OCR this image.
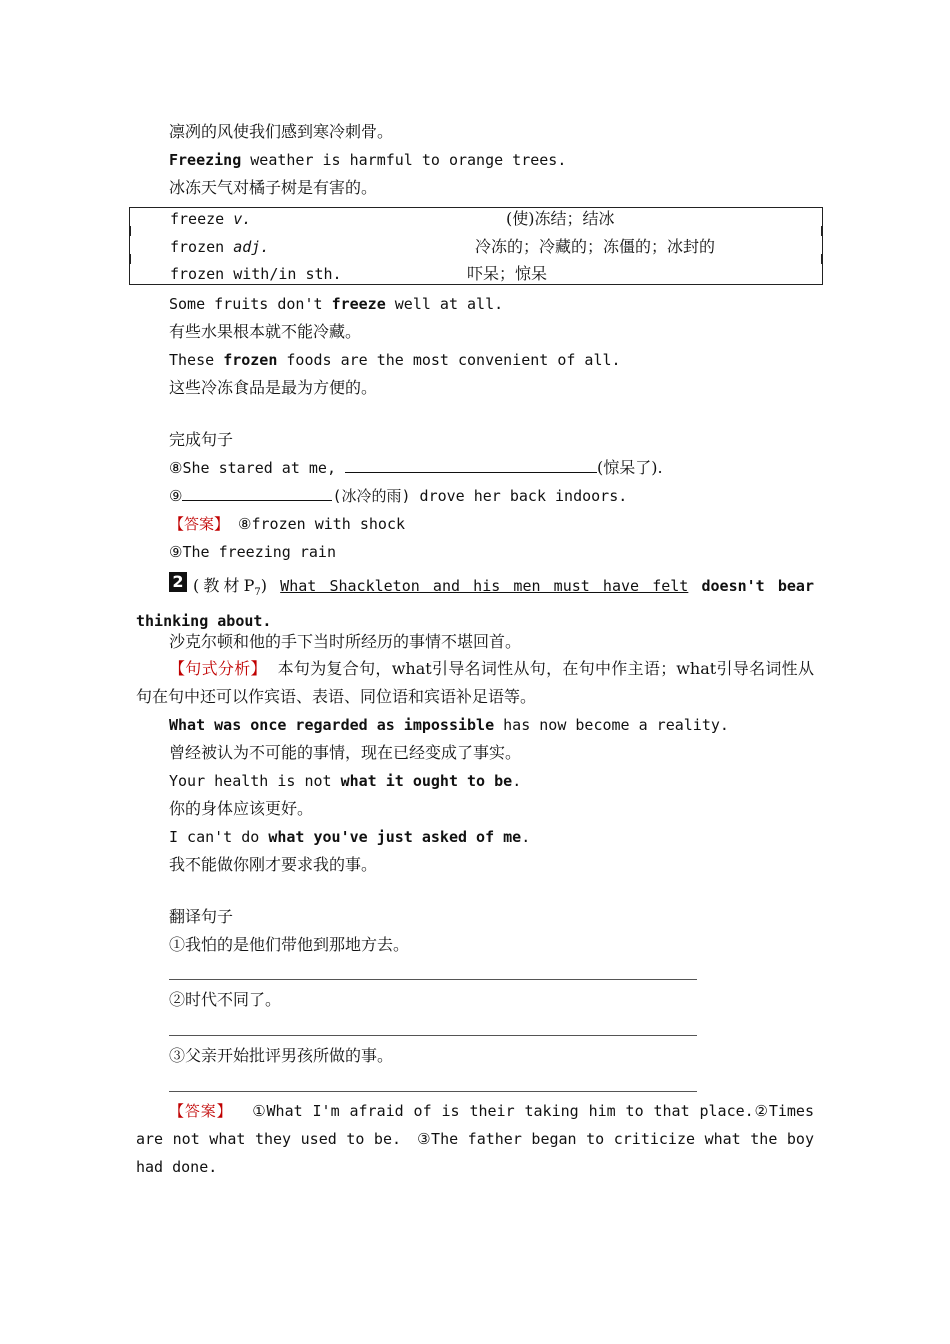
凛冽的风使我们感到寒冷刺骨。
Freezing weather is harmful to orange trees.
冰冻天气对橘子树是有害的。
freeze v.	(使)冻结；结冰
frozen adj.	冷冻的；冷藏的；冻僵的；冰封的
frozen with/in sth.	吓呆；惊呆
Some fruits don't freeze well at all.
有些水果根本就不能冷藏。
These frozen foods are the most convenient of all.
这些冷冻食品是最为方便的。
完成句子
⑧She stared at me,	(惊呆了).
⑨	(冰冷的雨) drove her back indoors.
【答案】 ⑧frozen with shock
⑨The freezing rain
2 (教材$P_7$) What Shackleton and his men must have felt doesn't bear thinking about.
沙克尔顿和他的手下当时所经历的事情不堪回首。
【句式分析】 本句为复合句，what引导名词性从句，在句中作主语；what引导名词性从句在句中还可以作宾语、表语、同位语和宾语补足语等。
What was once regarded as impossible has now become a reality.
曾经被认为不可能的事情，现在已经变成了事实。
Your health is not what it ought to be.
你的身体应该更好。
I can't do what you've just asked of me.
我不能做你刚才要求我的事。
翻译句子
①我怕的是他们带他到那地方去。
②时代不同了。
③父亲开始批评男孩所做的事。
【答案】 ①What I'm afraid of is their taking him to that place.②Times are not what they used to be.　③The father began to criticize what the boy had done.
